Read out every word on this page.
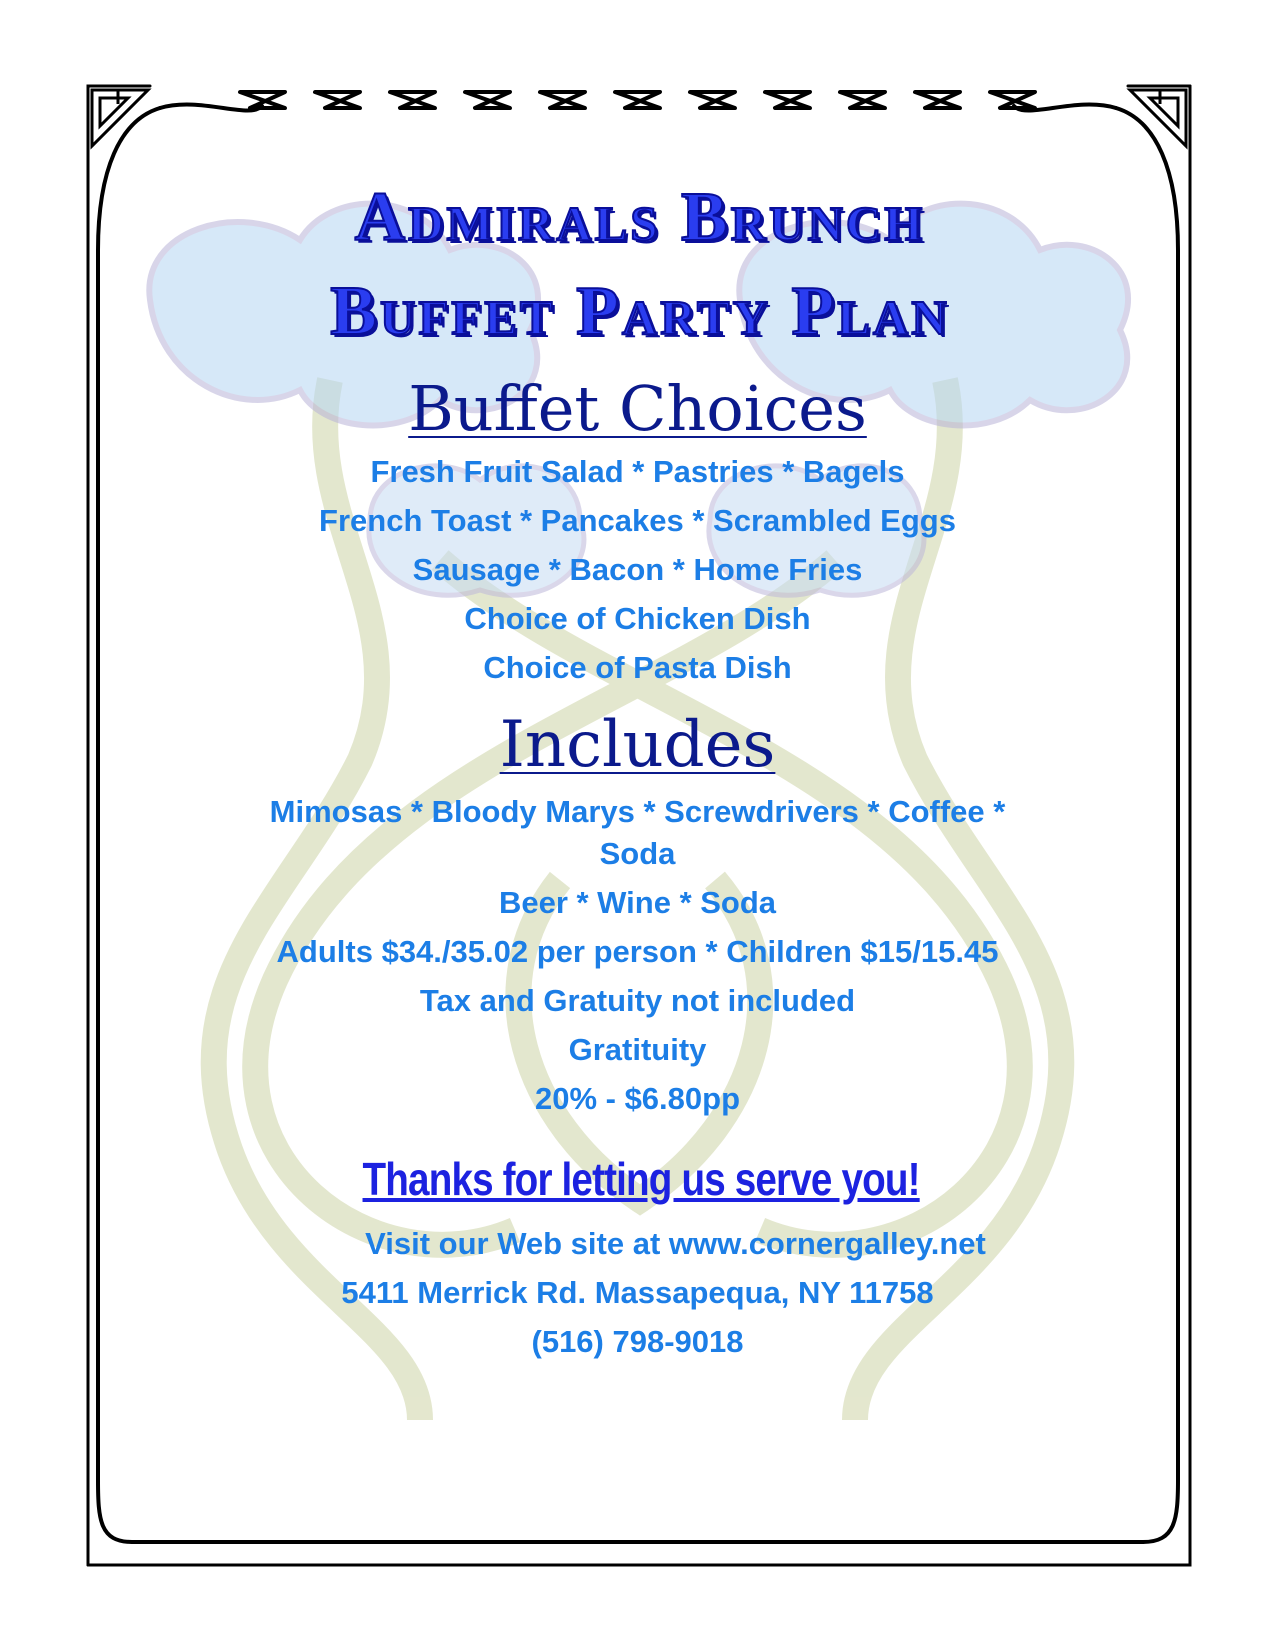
Admirals Brunch
Buffet Party Plan
Buffet Choices
Fresh Fruit Salad * Pastries * Bagels
French Toast * Pancakes * Scrambled Eggs
Sausage * Bacon * Home Fries
Choice of Chicken Dish
Choice of Pasta Dish
Includes
Mimosas * Bloody Marys * Screwdrivers * Coffee *
Soda
Beer * Wine * Soda
Adults $34./35.02 per person * Children $15/15.45
Tax and Gratuity not included
Gratituity
20% - $6.80pp
Thanks for letting us serve you!
Visit our Web site at www.cornergalley.net
5411 Merrick Rd. Massapequa, NY 11758
(516) 798-9018
